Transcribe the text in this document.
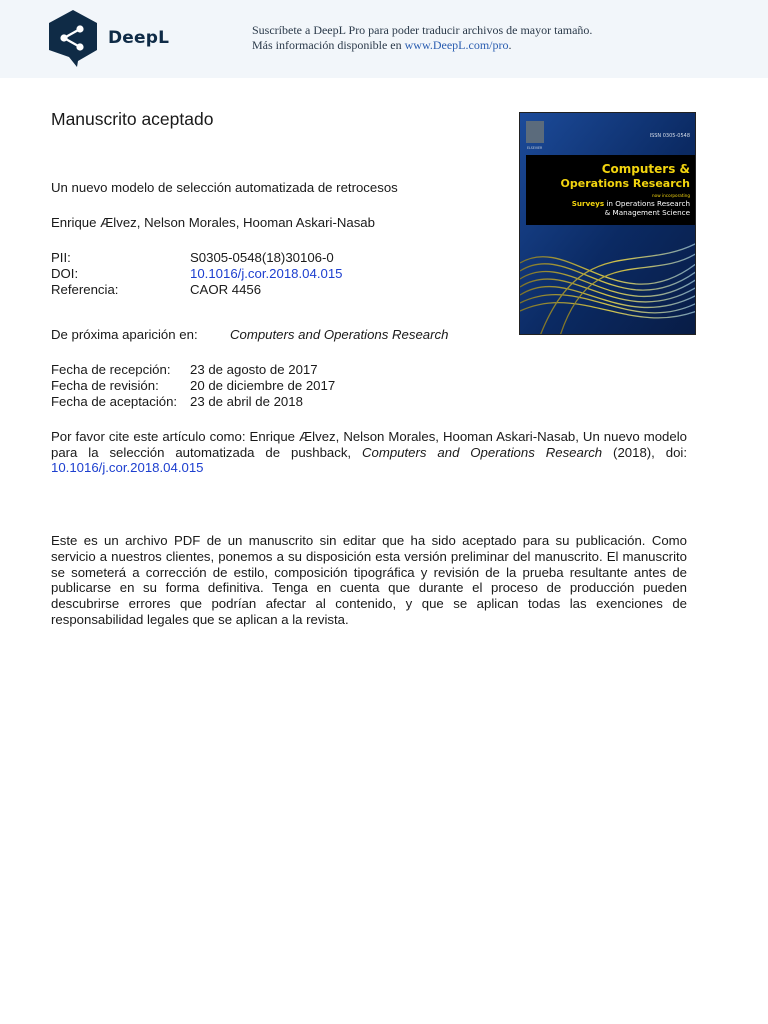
DeepL	Suscríbete a DeepL Pro para poder traducir archivos de mayor tamaño.
Más información disponible en www.DeepL.com/pro.
Manuscrito aceptado
ISSN 0305-0548
ELSEVIER
Computers &
Operations Research
now incorporating
Surveys in Operations Research
& Management Science
Un nuevo modelo de selección automatizada de retrocesos
Enrique Ælvez, Nelson Morales, Hooman Askari-Nasab
PII:	S0305-0548(18)30106-0
DOI:	10.1016/j.cor.2018.04.015
Referencia:	CAOR 4456
De próxima aparición en:	Computers and Operations Research
Fecha de recepción:	23 de agosto de 2017
Fecha de revisión:	20 de diciembre de 2017
Fecha de aceptación: 23 de abril de 2018
Por favor cite este artículo como: Enrique Ælvez, Nelson Morales, Hooman Askari-Nasab, Un nuevo modelo para la selección automatizada de pushback, Computers and Operations Research (2018), doi: 10.1016/j.cor.2018.04.015
Este es un archivo PDF de un manuscrito sin editar que ha sido aceptado para su publicación. Como servicio a nuestros clientes, ponemos a su disposición esta versión preliminar del manuscrito. El manuscrito se someterá a corrección de estilo, composición tipográfica y revisión de la prueba resultante antes de publicarse en su forma definitiva. Tenga en cuenta que durante el proceso de producción pueden descubrirse errores que podrían afectar al contenido, y que se aplican todas las exenciones de responsabilidad legales que se aplican a la revista.
